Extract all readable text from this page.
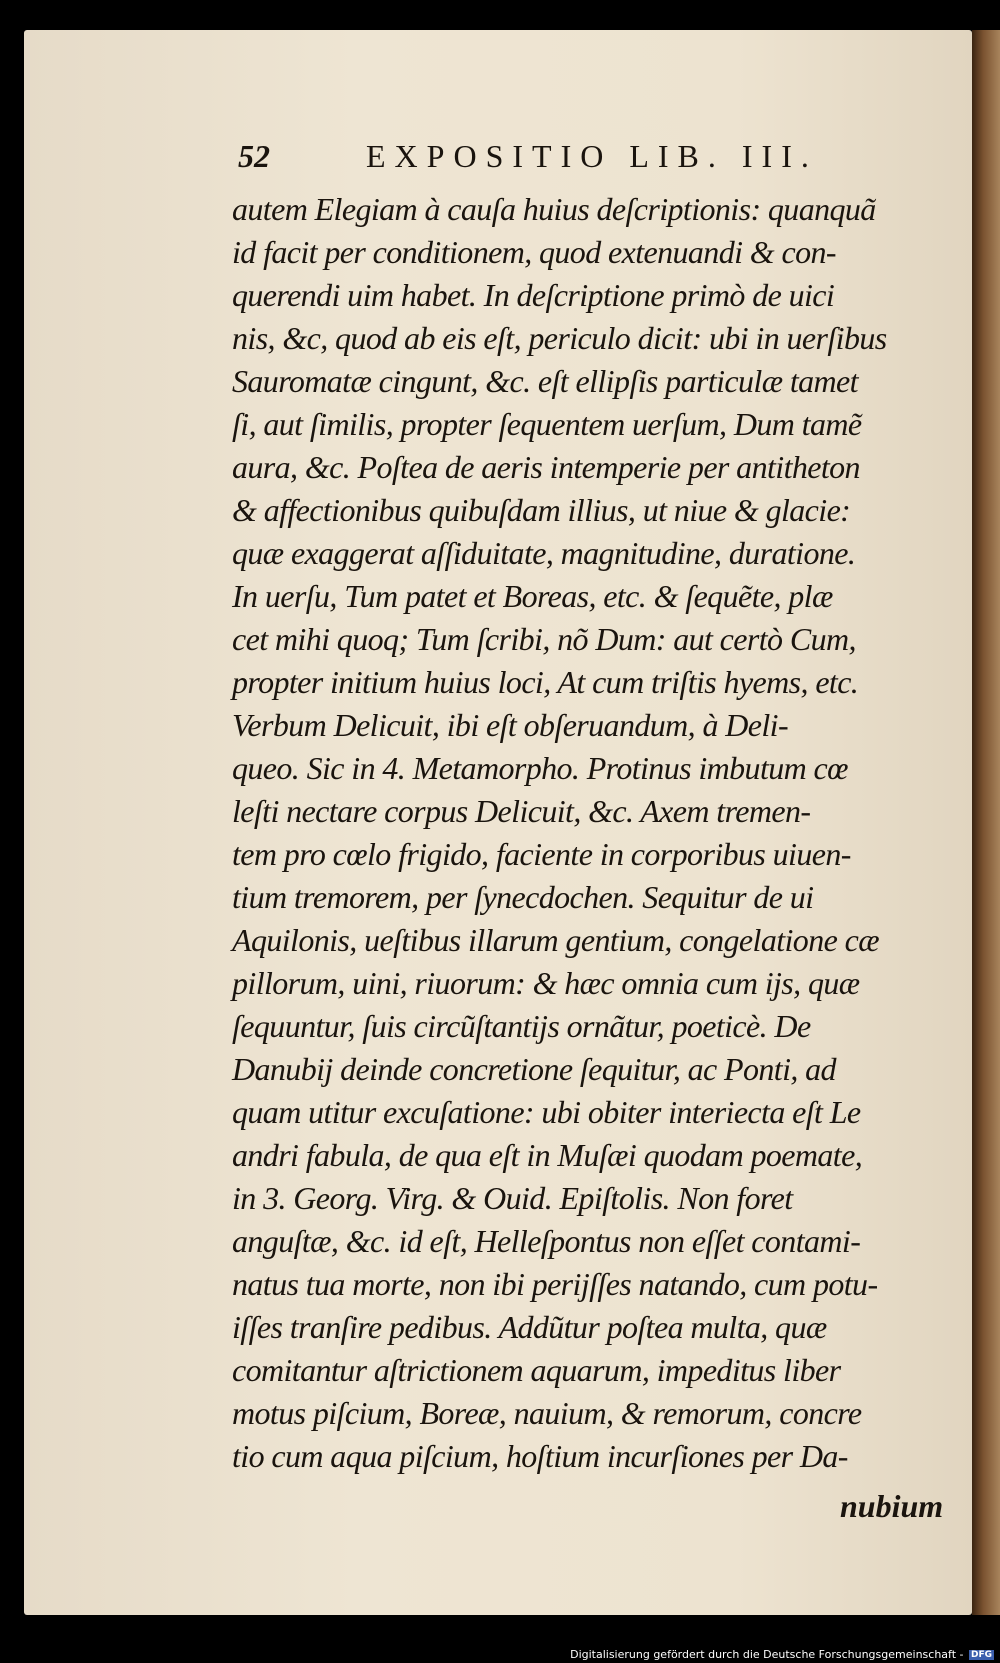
52	EXPOSITIO LIB. III.
autem Elegiam à cauſa huius deſcriptionis: quanquã
id facit per conditionem, quod extenuandi & con-
querendi uim habet. In deſcriptione primò de uici
nis, &c, quod ab eis eſt, periculo dicit: ubi in uerſibus
Sauromatæ cingunt, &c. eſt ellipſis particulæ tamet
ſi, aut ſimilis, propter ſequentem uerſum, Dum tamẽ
aura, &c. Poſtea de aeris intemperie per antitheton
& affectionibus quibuſdam illius, ut niue & glacie:
quæ exaggerat aſſiduitate, magnitudine, duratione.
In uerſu, Tum patet et Boreas, etc. & ſequẽte, plæ
cet mihi quoq; Tum ſcribi, nõ Dum: aut certò Cum,
propter initium huius loci, At cum triſtis hyems, etc.
Verbum Delicuit, ibi eſt obſeruandum, à Deli-
queo. Sic in 4. Metamorpho. Protinus imbutum cœ
leſti nectare corpus Delicuit, &c. Axem tremen-
tem pro cœlo frigido, faciente in corporibus uiuen-
tium tremorem, per ſynecdochen. Sequitur de ui
Aquilonis, ueſtibus illarum gentium, congelatione cæ
pillorum, uini, riuorum: & hæc omnia cum ijs, quæ
ſequuntur, ſuis circũſtantijs ornãtur, poeticè. De
Danubij deinde concretione ſequitur, ac Ponti, ad
quam utitur excuſatione: ubi obiter interiecta eſt Le
andri fabula, de qua eſt in Muſæi quodam poemate,
in 3. Georg. Virg. & Ouid. Epiſtolis. Non foret
anguſtæ, &c. id eſt, Helleſpontus non eſſet contami-
natus tua morte, non ibi perijſſes natando, cum potu-
iſſes tranſire pedibus. Addũtur poſtea multa, quæ
comitantur aſtrictionem aquarum, impeditus liber
motus piſcium, Boreæ, nauium, & remorum, concre
tio cum aqua piſcium, hoſtium incurſiones per Da-
nubium
Digitalisierung gefördert durch die Deutsche Forschungsgemeinschaft - DFG
